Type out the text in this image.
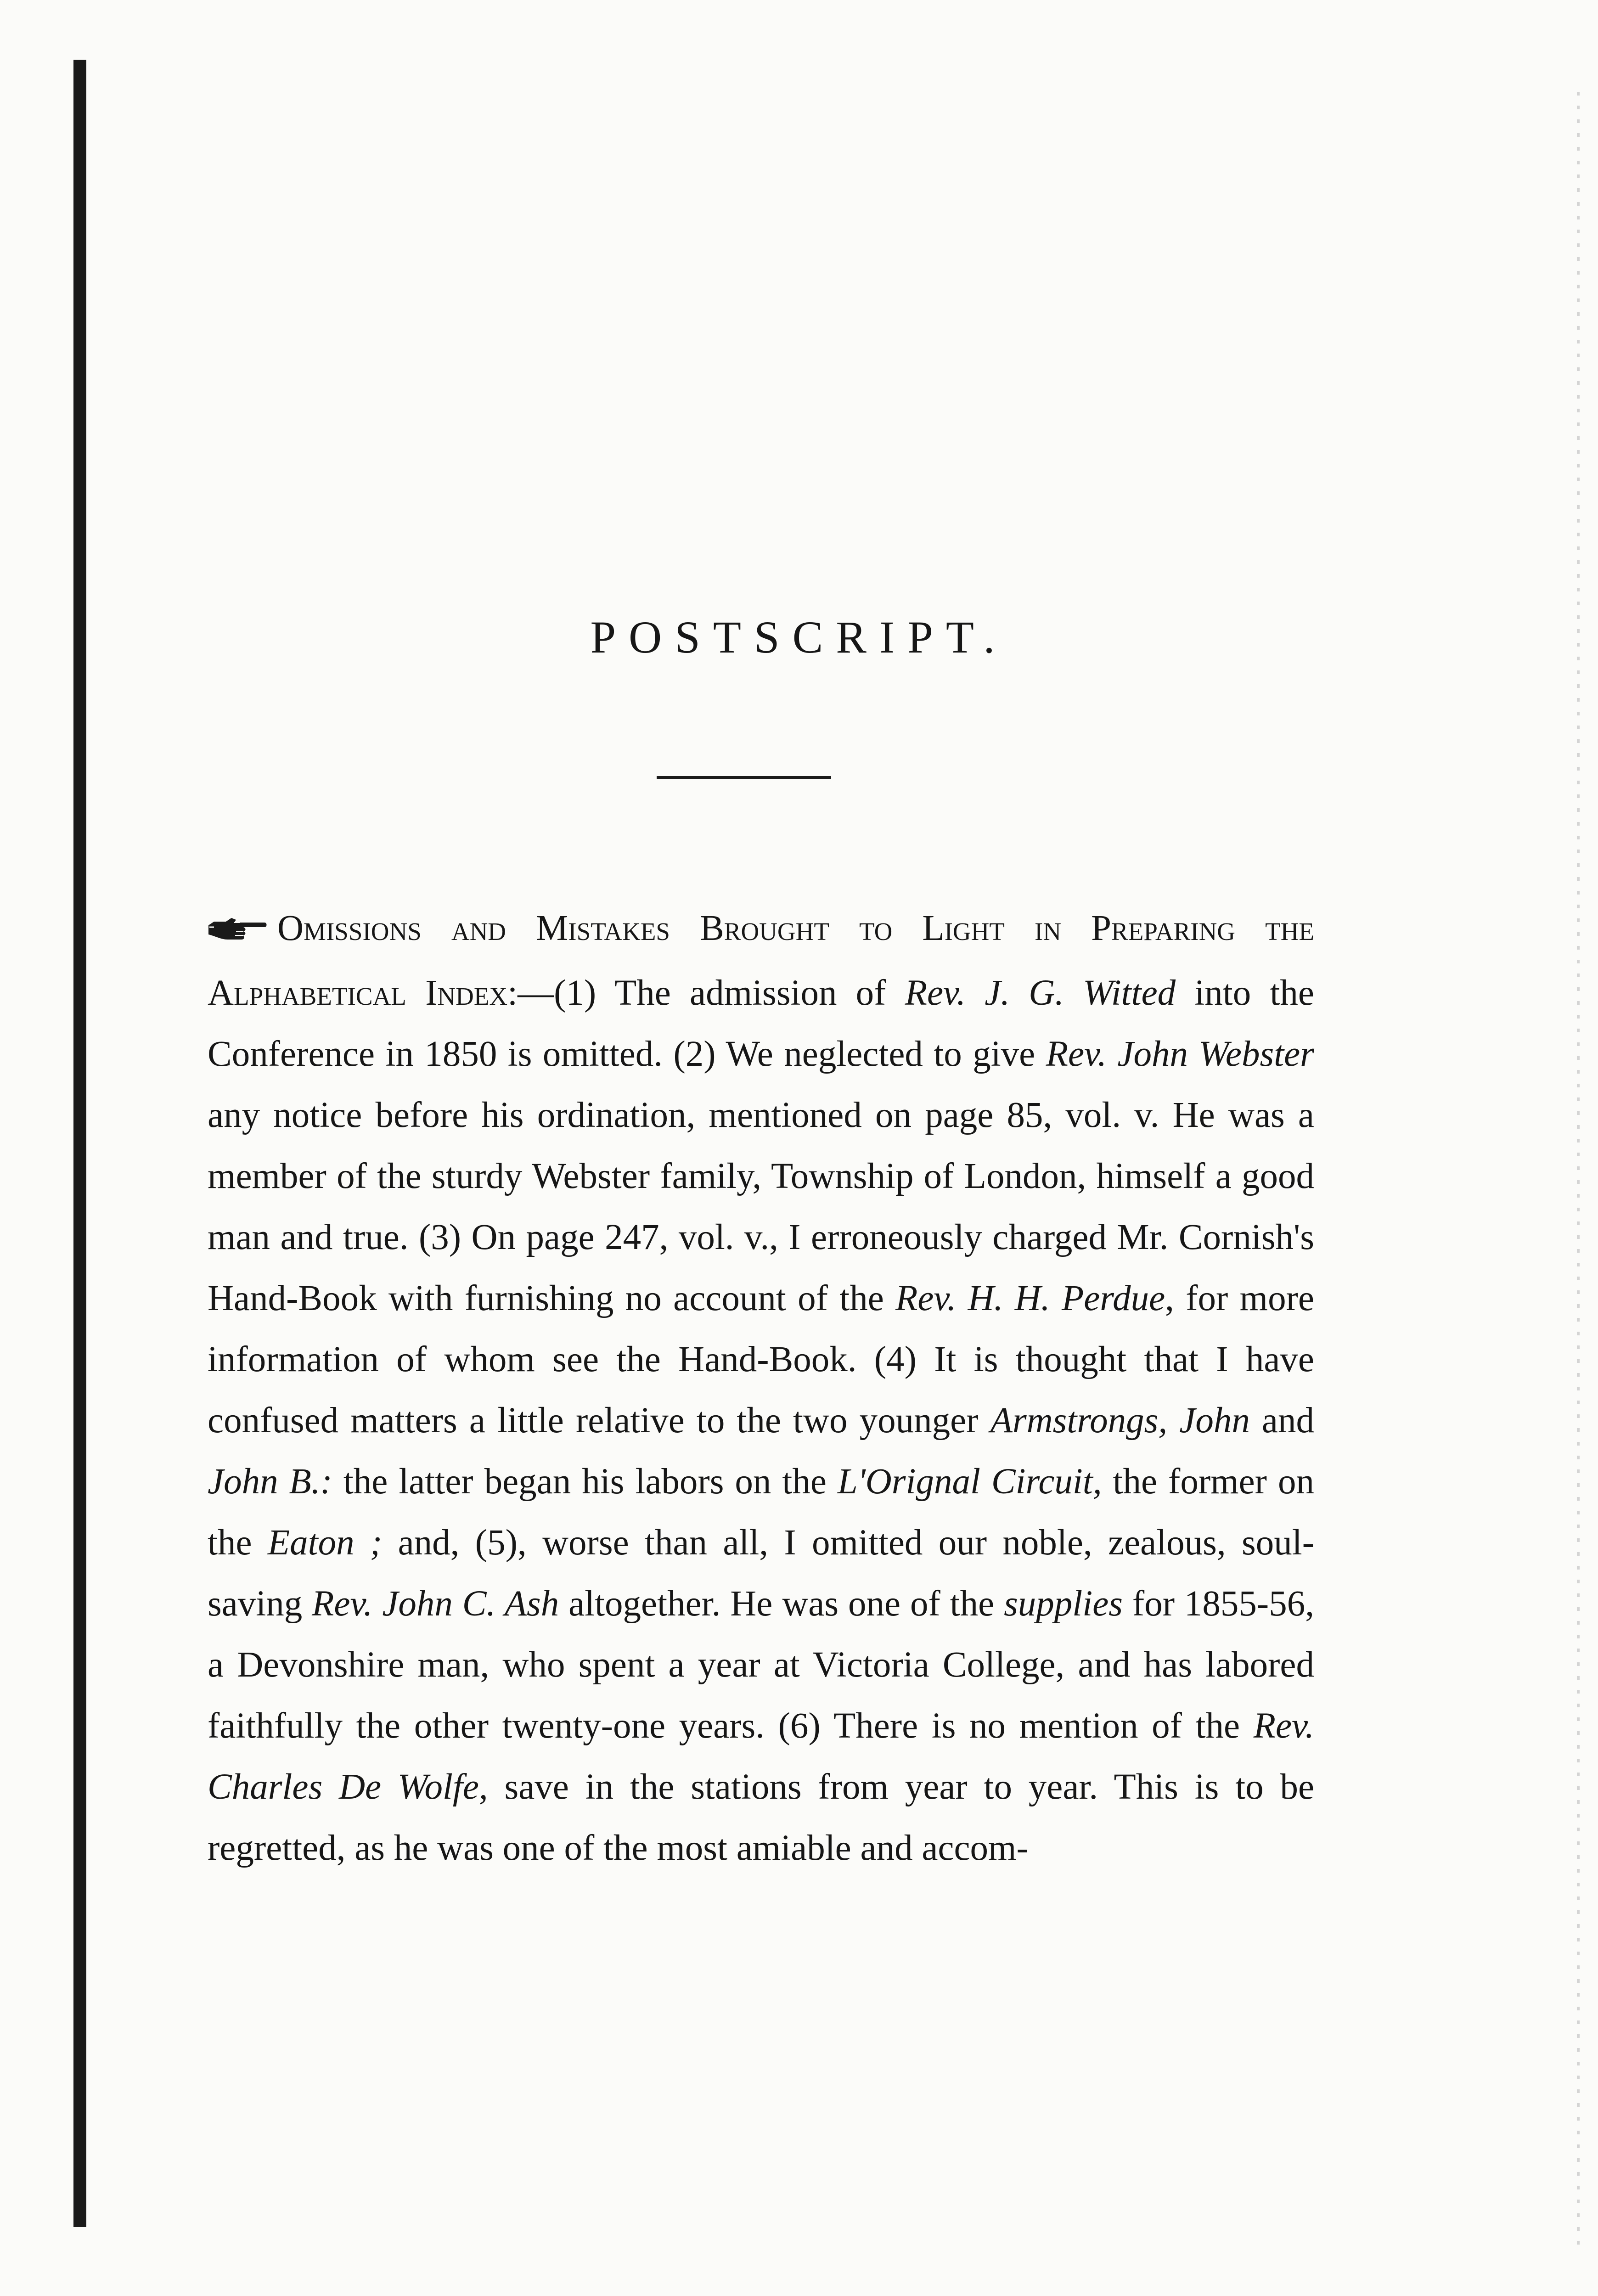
POSTSCRIPT.

Omissions and Mistakes Brought to Light in Preparing the Alphabetical Index:—(1) The admission of Rev. J. G. Witted into the Conference in 1850 is omitted. (2) We neglected to give Rev. John Webster any notice before his ordination, mentioned on page 85, vol. v. He was a member of the sturdy Webster family, Township of London, himself a good man and true. (3) On page 247, vol. v., I erroneously charged Mr. Cornish's Hand-Book with furnishing no account of the Rev. H. H. Perdue, for more information of whom see the Hand-Book. (4) It is thought that I have confused matters a little relative to the two younger Armstrongs, John and John B.: the latter began his labors on the L'Orignal Circuit, the former on the Eaton ; and, (5), worse than all, I omitted our noble, zealous, soul-saving Rev. John C. Ash altogether. He was one of the supplies for 1855-56, a Devonshire man, who spent a year at Victoria College, and has labored faithfully the other twenty-one years. (6) There is no mention of the Rev. Charles De Wolfe, save in the stations from year to year. This is to be regretted, as he was one of the most amiable and accom-
